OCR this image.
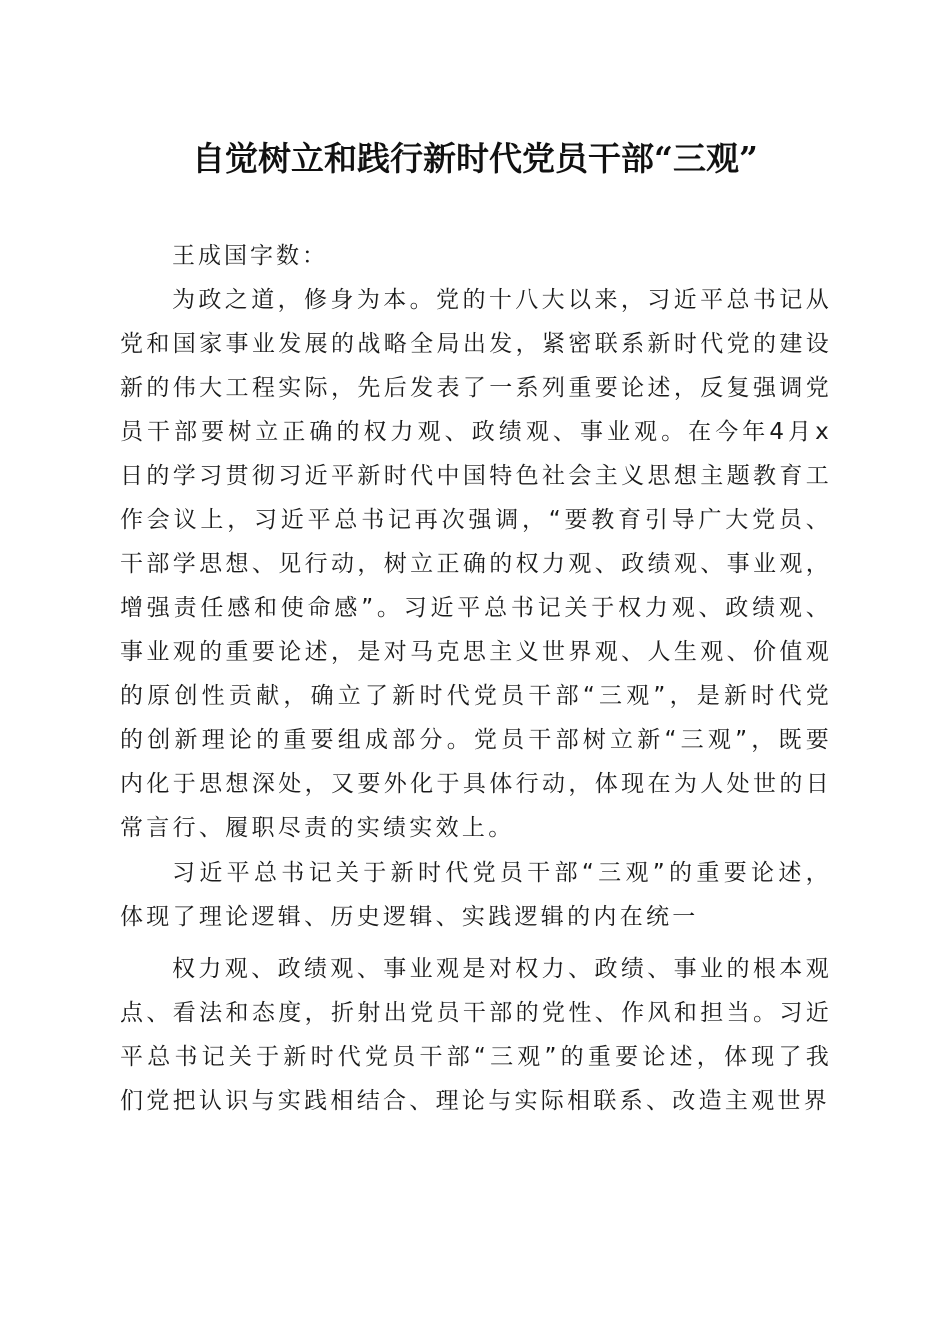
自觉树立和践行新时代党员干部“三观”
王成国字数：

为政之道，修身为本。党的十八大以来，习近平总书记从党和国家事业发展的战略全局出发，紧密联系新时代党的建设新的伟大工程实际，先后发表了一系列重要论述，反复强调党员干部要树立正确的权力观、政绩观、事业观。在今年4月x日的学习贯彻习近平新时代中国特色社会主义思想主题教育工作会议上，习近平总书记再次强调，“要教育引导广大党员、干部学思想、见行动，树立正确的权力观、政绩观、事业观，增强责任感和使命感”。习近平总书记关于权力观、政绩观、事业观的重要论述，是对马克思主义世界观、人生观、价值观的原创性贡献，确立了新时代党员干部“三观”，是新时代党的创新理论的重要组成部分。党员干部树立新“三观”，既要内化于思想深处，又要外化于具体行动，体现在为人处世的日常言行、履职尽责的实绩实效上。

习近平总书记关于新时代党员干部“三观”的重要论述，体现了理论逻辑、历史逻辑、实践逻辑的内在统一

权力观、政绩观、事业观是对权力、政绩、事业的根本观点、看法和态度，折射出党员干部的党性、作风和担当。习近平总书记关于新时代党员干部“三观”的重要论述，体现了我们党把认识与实践相结合、理论与实际相联系、改造主观世界
